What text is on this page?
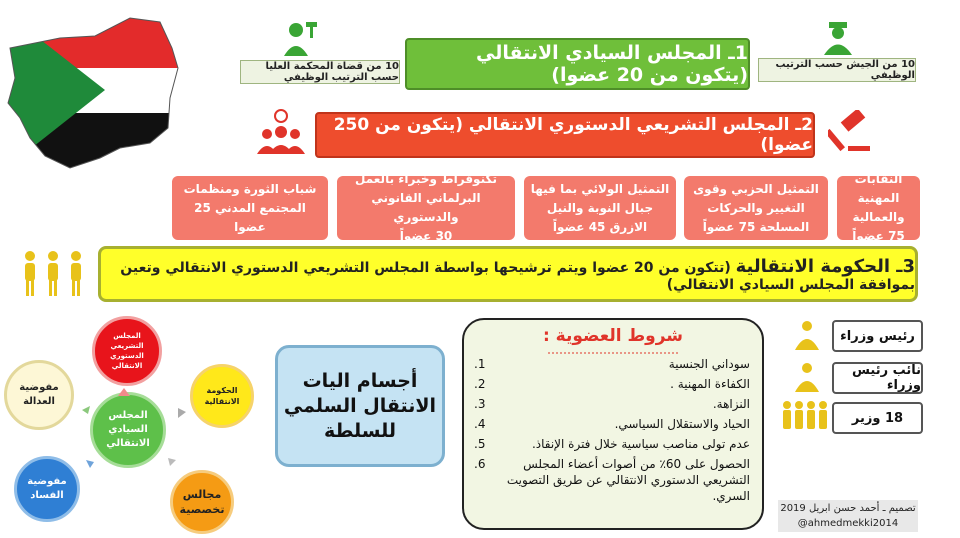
10 من قضاة المحكمة العليا حسب الترتيب الوظيفي
10 من الجيش حسب الترتيب الوظيفي
1ـ المجلس السيادي الانتقالي (يتكون من 20 عضوا)
2ـ المجلس التشريعي الدستوري الانتقالي (يتكون من 250 عضوا)
النقابات المهنية
والعمالية
75 عضواً
التمثيل الحزبي وقوى
التغيير والحركات
المسلحة 75 عضواً
التمثيل الولائي بما فيها
جبال النوبة والنيل
الازرق 45 عضواً
تكنوقراط وخبراء بالعمل
البرلماني القانوني والدستوري
30 عضواً
شباب الثورة ومنظمات
المجتمع المدني 25
عضوا
3ـ الحكومة الانتقالية (تتكون من 20 عضوا ويتم ترشيحها بواسطة المجلس التشريعي الدستوري الانتقالي وتعين بموافقة المجلس السيادي الانتقالي)
رئيس وزراء
نائب رئيس وزراء
18 وزير
شروط العضوية :
1.	سوداني الجنسية
2.	الكفاءة المهنية .
3.	النزاهة.
4.	الحياد والاستقلال السياسي.
5.	عدم تولى مناصب سياسية خلال فترة الإنقاذ.
6.	الحصول على 60٪ من أصوات أعضاء المجلس التشريعي الدستوري الانتقالي عن طريق التصويت السري.
أجسام اليات الانتقال السلمي للسلطة
المجلس التشريعي الدستوري الانتقالي
الحكومة الانتقالية
المجلس السيادي الانتقالي
مجالس تخصصية
مفوضية الفساد
مفوضية العدالة
تصميم ـ أحمد حسن ابريل 2019
@ahmedmekki2014
